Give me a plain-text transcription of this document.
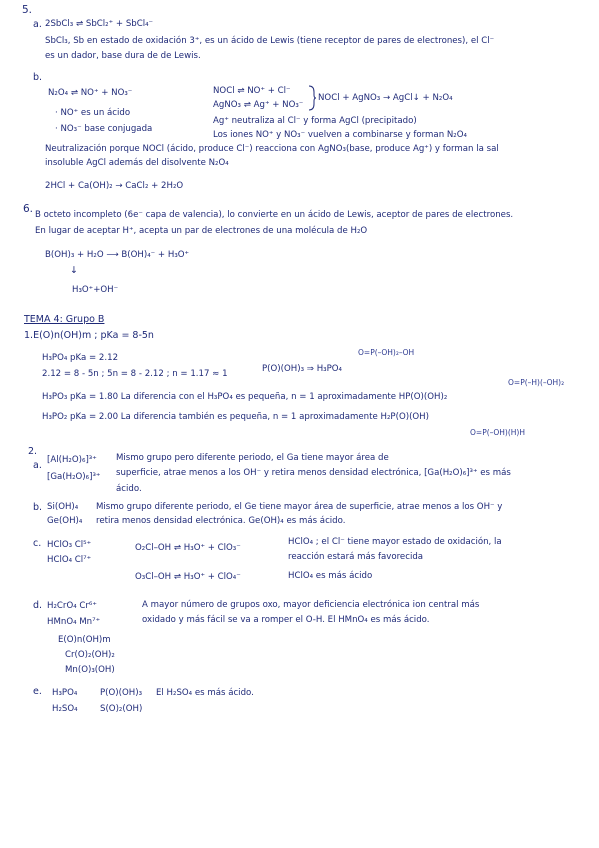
5.
a. 2SbCl₃ ⇌ SbCl₂⁺ + SbCl₄⁻
SbCl₃, Sb en estado de oxidación 3⁺, es un ácido de Lewis (tiene receptor de pares de electrones), el Cl⁻
es un dador, base dura de de Lewis.
b.
N₂O₄ ⇌ NO⁺ + NO₃⁻
· NO⁺ es un ácido
· NO₃⁻ base conjugada
NOCl ⇌ NO⁺ + Cl⁻
AgNO₃ ⇌ Ag⁺ + NO₃⁻
NOCl + AgNO₃ → AgCl↓ + N₂O₄
Ag⁺ neutraliza al Cl⁻ y forma AgCl (precipitado)
Los iones NO⁺ y NO₃⁻ vuelven a combinarse y forman N₂O₄
Neutralización porque NOCl (ácido, produce Cl⁻) reacciona con AgNO₃(base, produce Ag⁺) y forman la sal
insoluble AgCl además del disolvente N₂O₄
2HCl + Ca(OH)₂ → CaCl₂ + 2H₂O
6. B octeto incompleto (6e⁻ capa de valencia), lo convierte en un ácido de Lewis, aceptor de pares de electrones.
En lugar de aceptar H⁺, acepta un par de electrones de una molécula de H₂O
B(OH)₃ + H₂O ⟶ B(OH)₄⁻ + H₃O⁺
↓
H₃O⁺+OH⁻
TEMA 4: Grupo B
1.E(O)n(OH)m ; pKa = 8-5n
H₃PO₄ pKa = 2.12
2.12 = 8 - 5n ; 5n = 8 - 2.12 ; n = 1.17 ≈ 1	P(O)(OH)₃ ⇒ H₃PO₄
O=P(–OH)₂–OH
H₃PO₃ pKa = 1.80 La diferencia con el H₃PO₄ es pequeña, n = 1 aproximadamente HP(O)(OH)₂
O=P(–H)(–OH)₂
H₃PO₂ pKa = 2.00 La diferencia también es pequeña, n = 1 aproximadamente H₂P(O)(OH)
O=P(–OH)(H)H
2.
a. [Al(H₂O)₆]³⁺
[Ga(H₂O)₆]³⁺
Mismo grupo pero diferente periodo, el Ga tiene mayor área de
superficie, atrae menos a los OH⁻ y retira menos densidad electrónica, [Ga(H₂O)₆]³⁺ es más
ácido.
b. Si(OH)₄
Ge(OH)₄
Mismo grupo diferente periodo, el Ge tiene mayor área de superficie, atrae menos a los OH⁻ y
retira menos densidad electrónica. Ge(OH)₄ es más ácido.
c. HClO₃ Cl⁵⁺
HClO₄ Cl⁷⁺
O₂Cl–OH ⇌ H₃O⁺ + ClO₃⁻
O₃Cl–OH ⇌ H₃O⁺ + ClO₄⁻
HClO₄ ; el Cl⁻ tiene mayor estado de oxidación, la
reacción estará más favorecida
HClO₄ es más ácido
d. H₂CrO₄ Cr⁶⁺
HMnO₄ Mn⁷⁺
A mayor número de grupos oxo, mayor deficiencia electrónica ion central más
oxidado y más fácil se va a romper el O-H. El HMnO₄ es más ácido.
E(O)n(OH)m
Cr(O)₂(OH)₂
Mn(O)₃(OH)
e. H₃PO₄
H₂SO₄
P(O)(OH)₃
S(O)₂(OH)
El H₂SO₄ es más ácido.
